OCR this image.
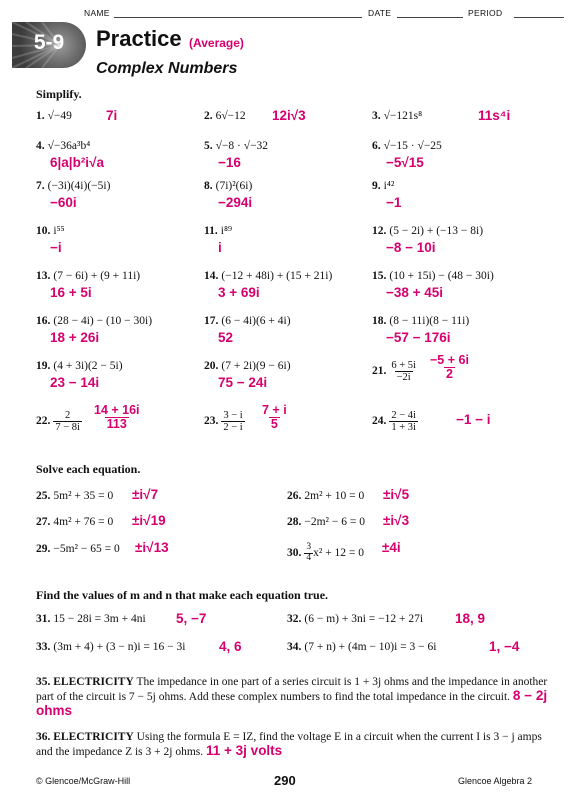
NAME	DATE	PERIOD
5-9	Practice (Average)
Complex Numbers
Simplify.
1. √−49	7i	2. 6√−12 12i√3	3. √−121s⁸	11s⁴i
4. √−36a³b⁴
6|a|b²i√a
5. √−8 · √−32
−16
6. √−15 · √−25
−5√15
7. (−3i)(4i)(−5i)
−60i
8. (7i)²(6i)
−294i
9. i⁴²
−1
10. i⁵⁵
−i
11. i⁸⁹
i
12. (5 − 2i) + (−13 − 8i)
−8 − 10i
13. (7 − 6i) + (9 + 11i)
16 + 5i
14. (−12 + 48i) + (15 + 21i)
3 + 69i
15. (10 + 15i) − (48 − 30i)
−38 + 45i
16. (28 − 4i) − (10 − 30i)
18 + 26i
17. (6 − 4i)(6 + 4i)
52
18. (8 − 11i)(8 − 11i)
−57 − 176i
19. (4 + 3i)(2 − 5i)
23 − 14i
20. (7 + 2i)(9 − 6i)
75 − 24i
21. $\frac{6 + 5i}{-2i} \frac{-5 + 6i}{2}$
22. $\frac{2}{7 - 8i} \frac{14 + 16i}{113}$	23. $\frac{3 - i}{2 - i} \frac{7 + i}{5}$	24. $\frac{2 - 4i}{1 + 3i}$	−1 − i
Solve each equation.
25. 5m² + 35 = 0 ±i√7	26. 2m² + 10 = 0 ±i√5
27. 4m² + 76 = 0 ±i√19	28. −2m² − 6 = 0 ±i√3
29. −5m² − 65 = 0 ±i√13	30. $\frac{3}{4} x^2 + 12 = 0 \pm 4i$
Find the values of m and n that make each equation true.
31. 15 − 28i = 3m + 4ni 5, −7	32. (6 − m) + 3ni = −12 + 27i 18, 9
33. (3m + 4) + (3 − n)i = 16 − 3i 4, 6	34. (7 + n) + (4m − 10)i = 3 − 6i	1, −4
35. ELECTRICITY The impedance in one part of a series circuit is 1 + 3j ohms and the impedance in another part of the circuit is 7 − 5j ohms. Add these complex numbers to find the total impedance in the circuit. 8 − 2j ohms
36. ELECTRICITY Using the formula E = IZ, find the voltage E in a circuit when the current I is 3 − j amps and the impedance Z is 3 + 2j ohms. 11 + 3j volts
© Glencoe/McGraw-Hill	290	Glencoe Algebra 2
